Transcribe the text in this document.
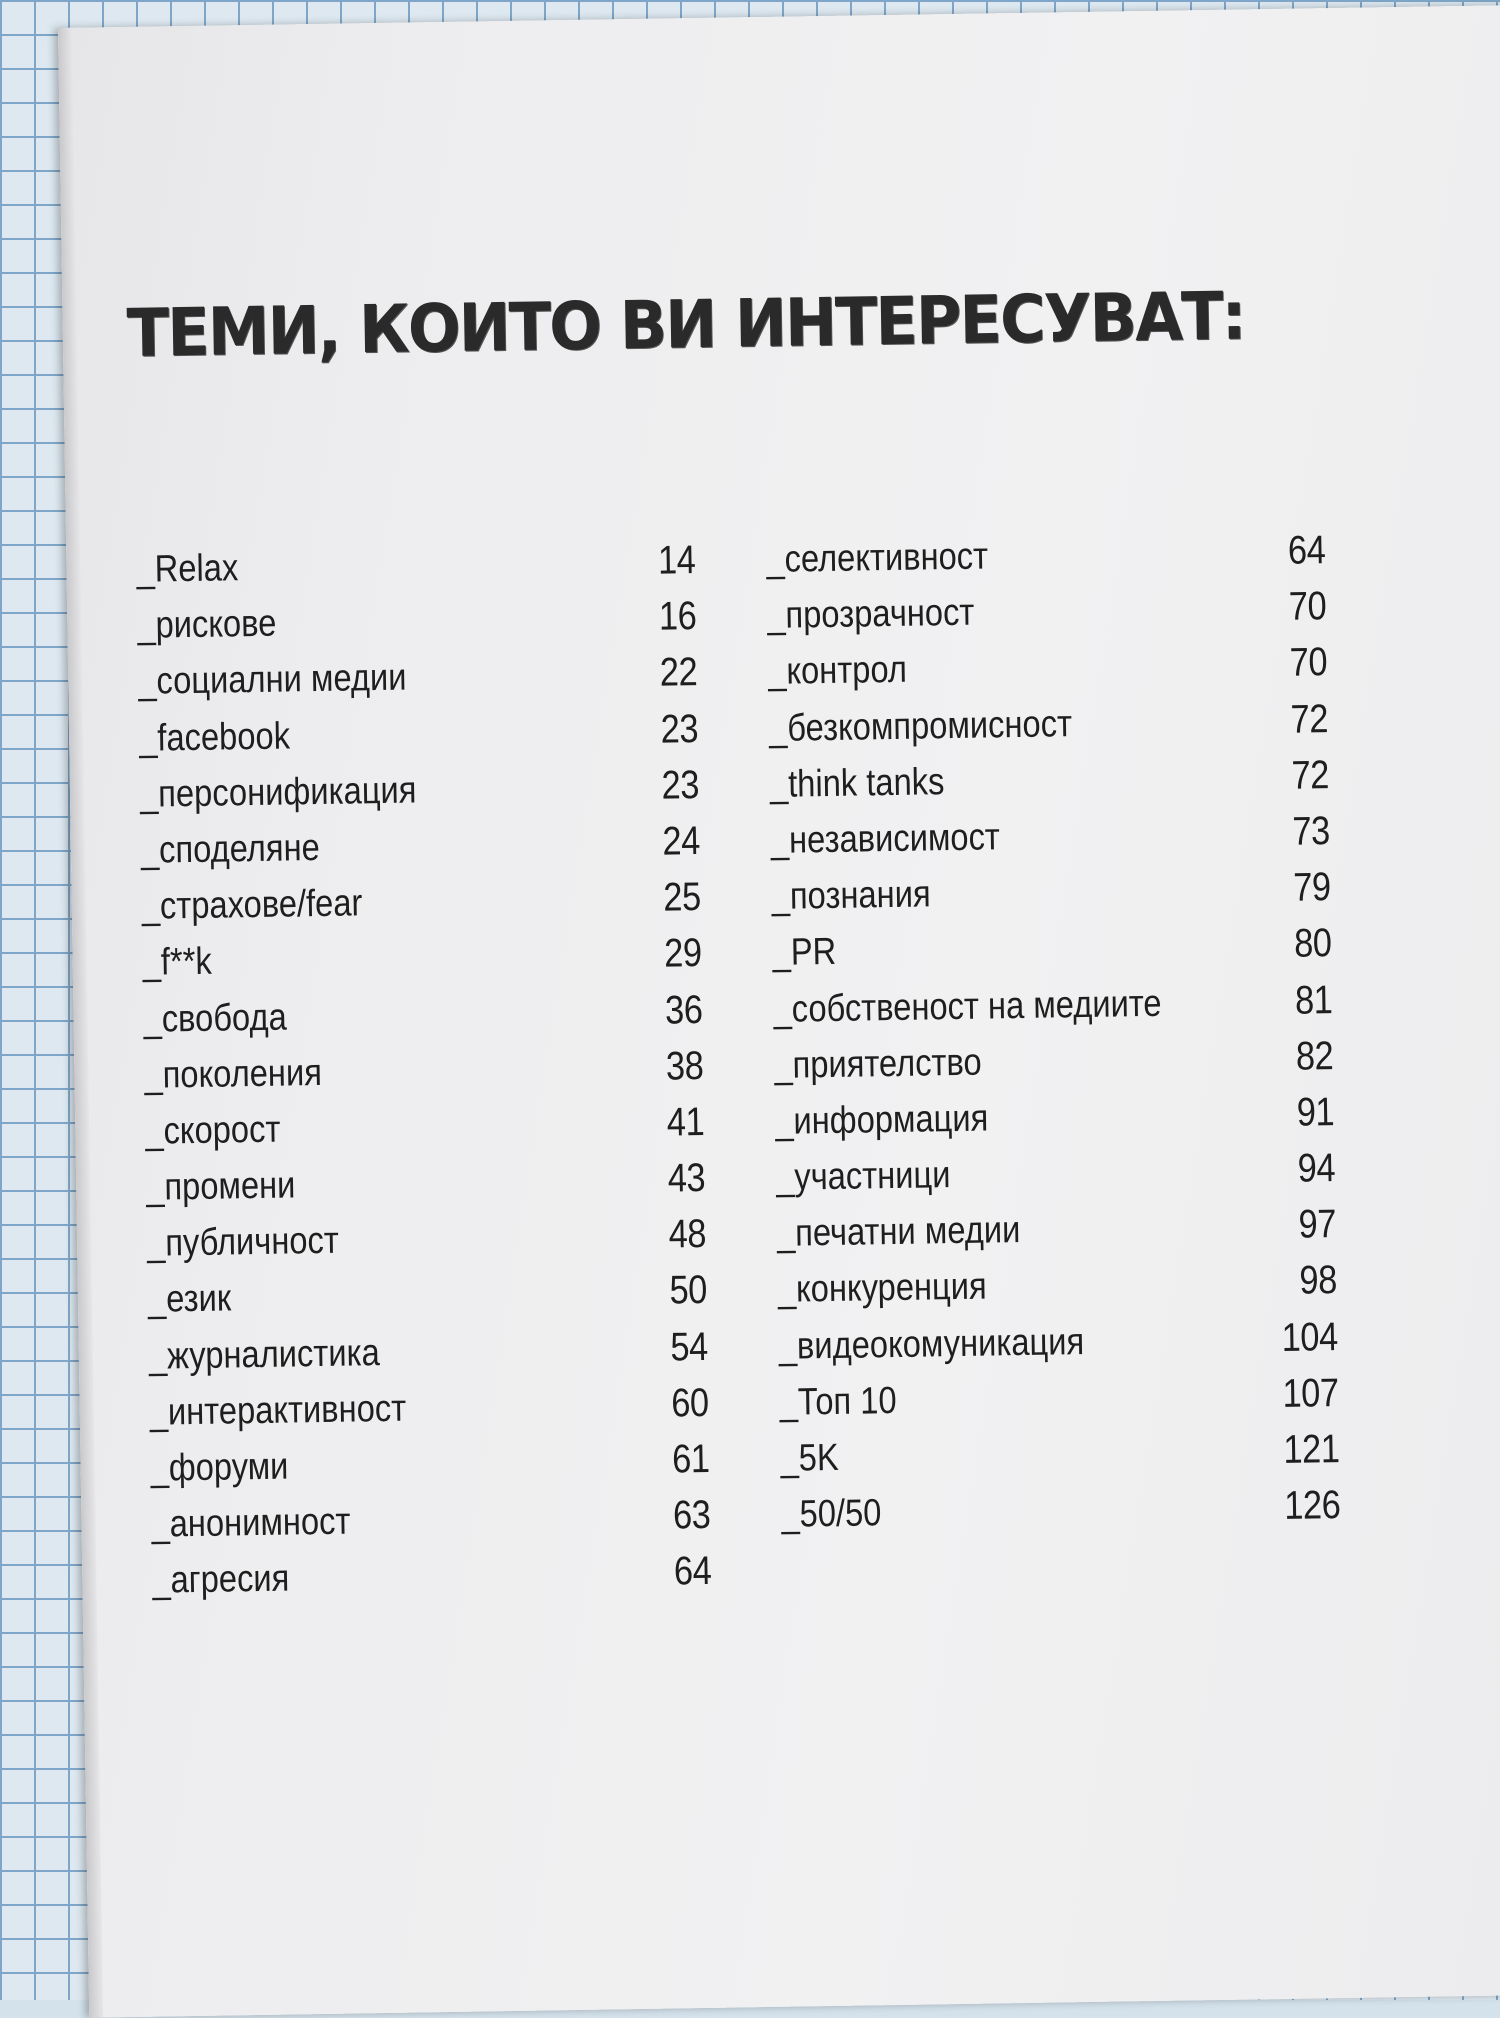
ТЕМИ, КОИТО ВИ ИНТЕРЕСУВАТ:
_Relax	14
_рискове	16
_социални медии	22
_facebook	23
_персонификация	23
_споделяне	24
_страхове/fear	25
_f**k	29
_свобода	36
_поколения	38
_скорост	41
_промени	43
_публичност	48
_език	50
_журналистика	54
_интерактивност	60
_форуми	61
_анонимност	63
_агресия	64
_селективност	64
_прозрачност	70
_контрол	70
_безкомпромисност	72
_think tanks	72
_независимост	73
_познания	79
_PR	80
_собственост на медиите	81
_приятелство	82
_информация	91
_участници	94
_печатни медии	97
_конкуренция	98
_видеокомуникация	104
_Топ 10	107
_5K	121
_50/50	126
